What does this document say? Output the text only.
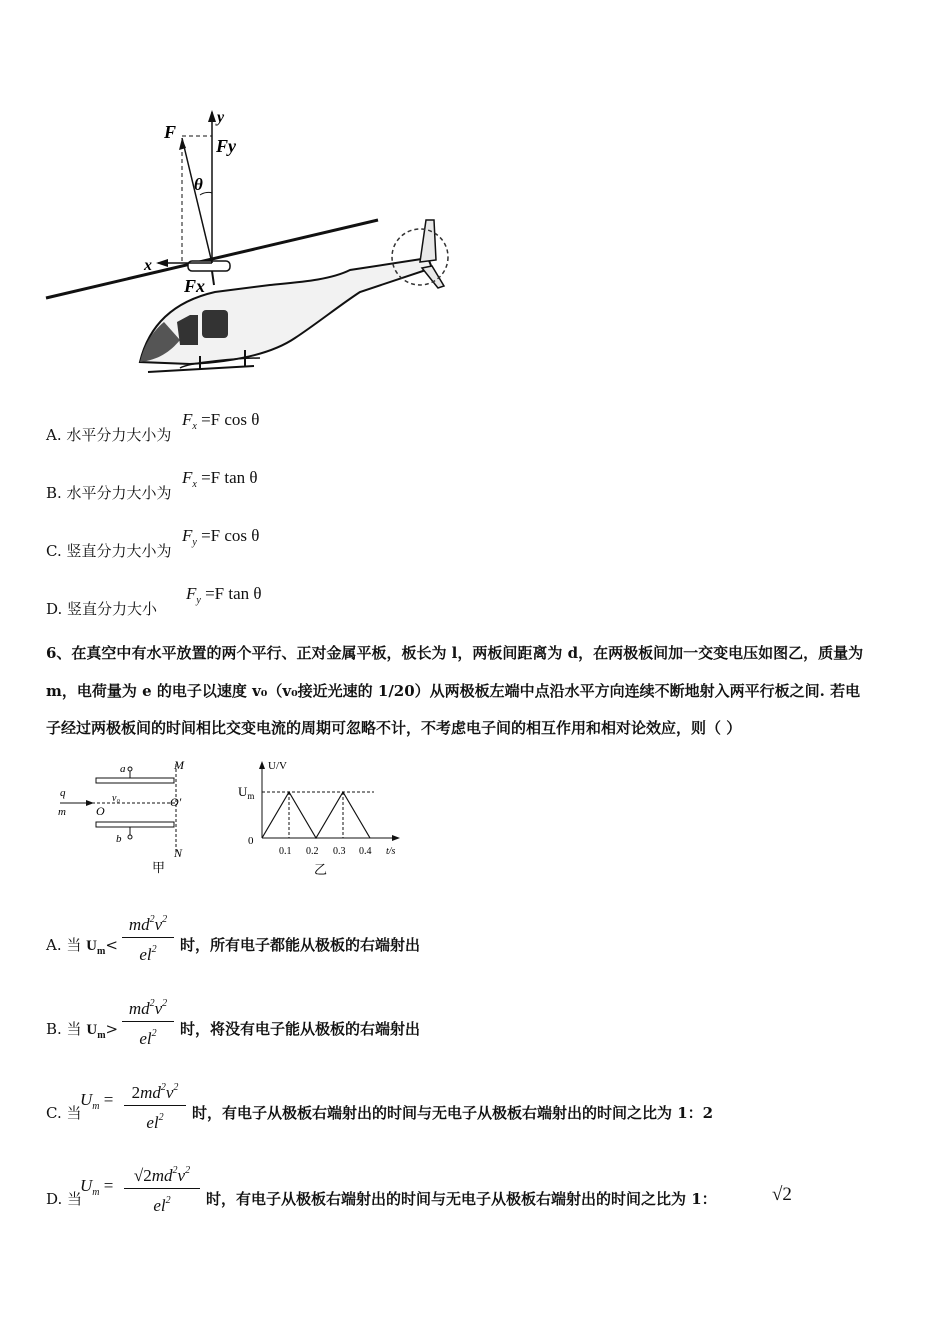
F
y
Fy
θ
x
Fx
A. 水平分力大小为
$F_x =F$ cos θ
B. 水平分力大小为
$F_x =F$ tan θ
C. 竖直分力大小为
$F_y =F$ cos θ
D. 竖直分力大小
$F_y =F$ tan θ
6、在真空中有水平放置的两个平行、正对金属平板，板长为 l，两板间距离为 d，在两极板间加一交变电压如图乙，质量为
m，电荷量为 e 的电子以速度 v₀（v₀接近光速的 1/20）从两极板左端中点沿水平方向连续不断地射入两平行板之间. 若电
子经过两极板间的时间相比交变电流的周期可忽略不计，不考虑电子间的相互作用和相对论效应，则（ ）
a	M
q
m
v₀
O
O′
b
N
甲
U/V
$U_m$
0
t/s
0.1 0.2 0.3 0.4
乙
A. 当 $U_m<$
$md^2v^2$
$el^2$	时，所有电子都能从极板的右端射出
B. 当 $U_m>$
$md^2v^2$
$el^2$	时，将没有电子能从极板的右端射出
C. 当
$U_m$ =	$2md^2v^2$
$el^2$	时，有电子从极板右端射出的时间与无电子从极板右端射出的时间之比为 1：2
D. 当
$U_m$ =
$√2md^2v^2$
$el^2$	时，有电子从极板右端射出的时间与无电子从极板右端射出的时间之比为 1：	√2
